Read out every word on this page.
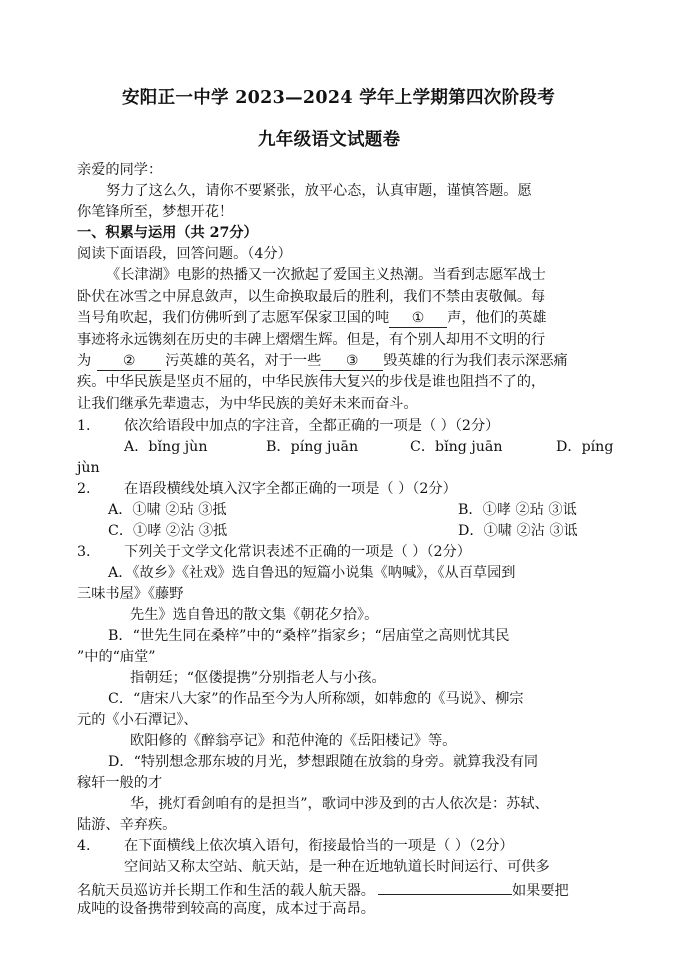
安阳正一中学 2023—2024 学年上学期第四次阶段考
九年级语文试题卷
亲爱的同学：
努力了这么久，请你不要紧张，放平心态，认真审题，谨慎答题。愿
你笔锋所至，梦想开花！
一、积累与运用（共 27分）
阅读下面语段，回答问题。（4分）
《长津湖》电影的热播又一次掀起了爱国主义热潮。当看到志愿军战士
卧伏在冰雪之中屏息敛声，以生命换取最后的胜利，我们不禁由衷敬佩。每
当号角吹起，我们仿佛听到了志愿军保家卫国的吨 ① 声，他们的英雄
事迹将永远镌刻在历史的丰碑上熠熠生辉。但是，有个别人却用不文明的行
为 ② 污英雄的英名，对于一些 ③ 毁英雄的行为我们表示深恶痛
疾。中华民族是坚贞不屈的，中华民族伟大复兴的步伐是谁也阻挡不了的，
让我们继承先辈遗志，为中华民族的美好未来而奋斗。
1. 依次给语段中加点的字注音，全都正确的一项是（ ）（2分）
A．bǐng jùn	B．píng juān	C．bǐng juān	D．píng
jùn
2. 在语段横线处填入汉字全都正确的一项是（ ）（2分）
A．①啸 ②玷 ③抵	B．①哮 ②玷 ③诋
C．①哮 ②沾 ③抵	D．①啸 ②沾 ③诋
3. 下列关于文学文化常识表述不正确的一项是（ ）（2分）
A．《故乡》《社戏》选自鲁迅的短篇小说集《呐喊》，《从百草园到
三味书屋》《藤野
先生》选自鲁迅的散文集《朝花夕拾》。
B．“世先生同在桑梓”中的“桑梓”指家乡；“居庙堂之高则忧其民
”中的“庙堂”
指朝廷；“伛偻提携”分别指老人与小孩。
C．“唐宋八大家”的作品至今为人所称颂，如韩愈的《马说》、柳宗
元的《小石潭记》、
欧阳修的《醉翁亭记》和范仲淹的《岳阳楼记》等。
D．“特别想念那东坡的月光，梦想跟随在放翁的身旁。就算我没有同
稼轩一般的才
华，挑灯看剑咱有的是担当”，歌词中涉及到的古人依次是：苏轼、
陆游、辛弃疾。
4. 在下面横线上依次填入语句，衔接最恰当的一项是（ ）（2分）
空间站又称太空站、航天站，是一种在近地轨道长时间运行、可供多
名航天员巡访并长期工作和生活的载人航天器。	如果要把
成吨的设备携带到较高的高度，成本过于高昂。
